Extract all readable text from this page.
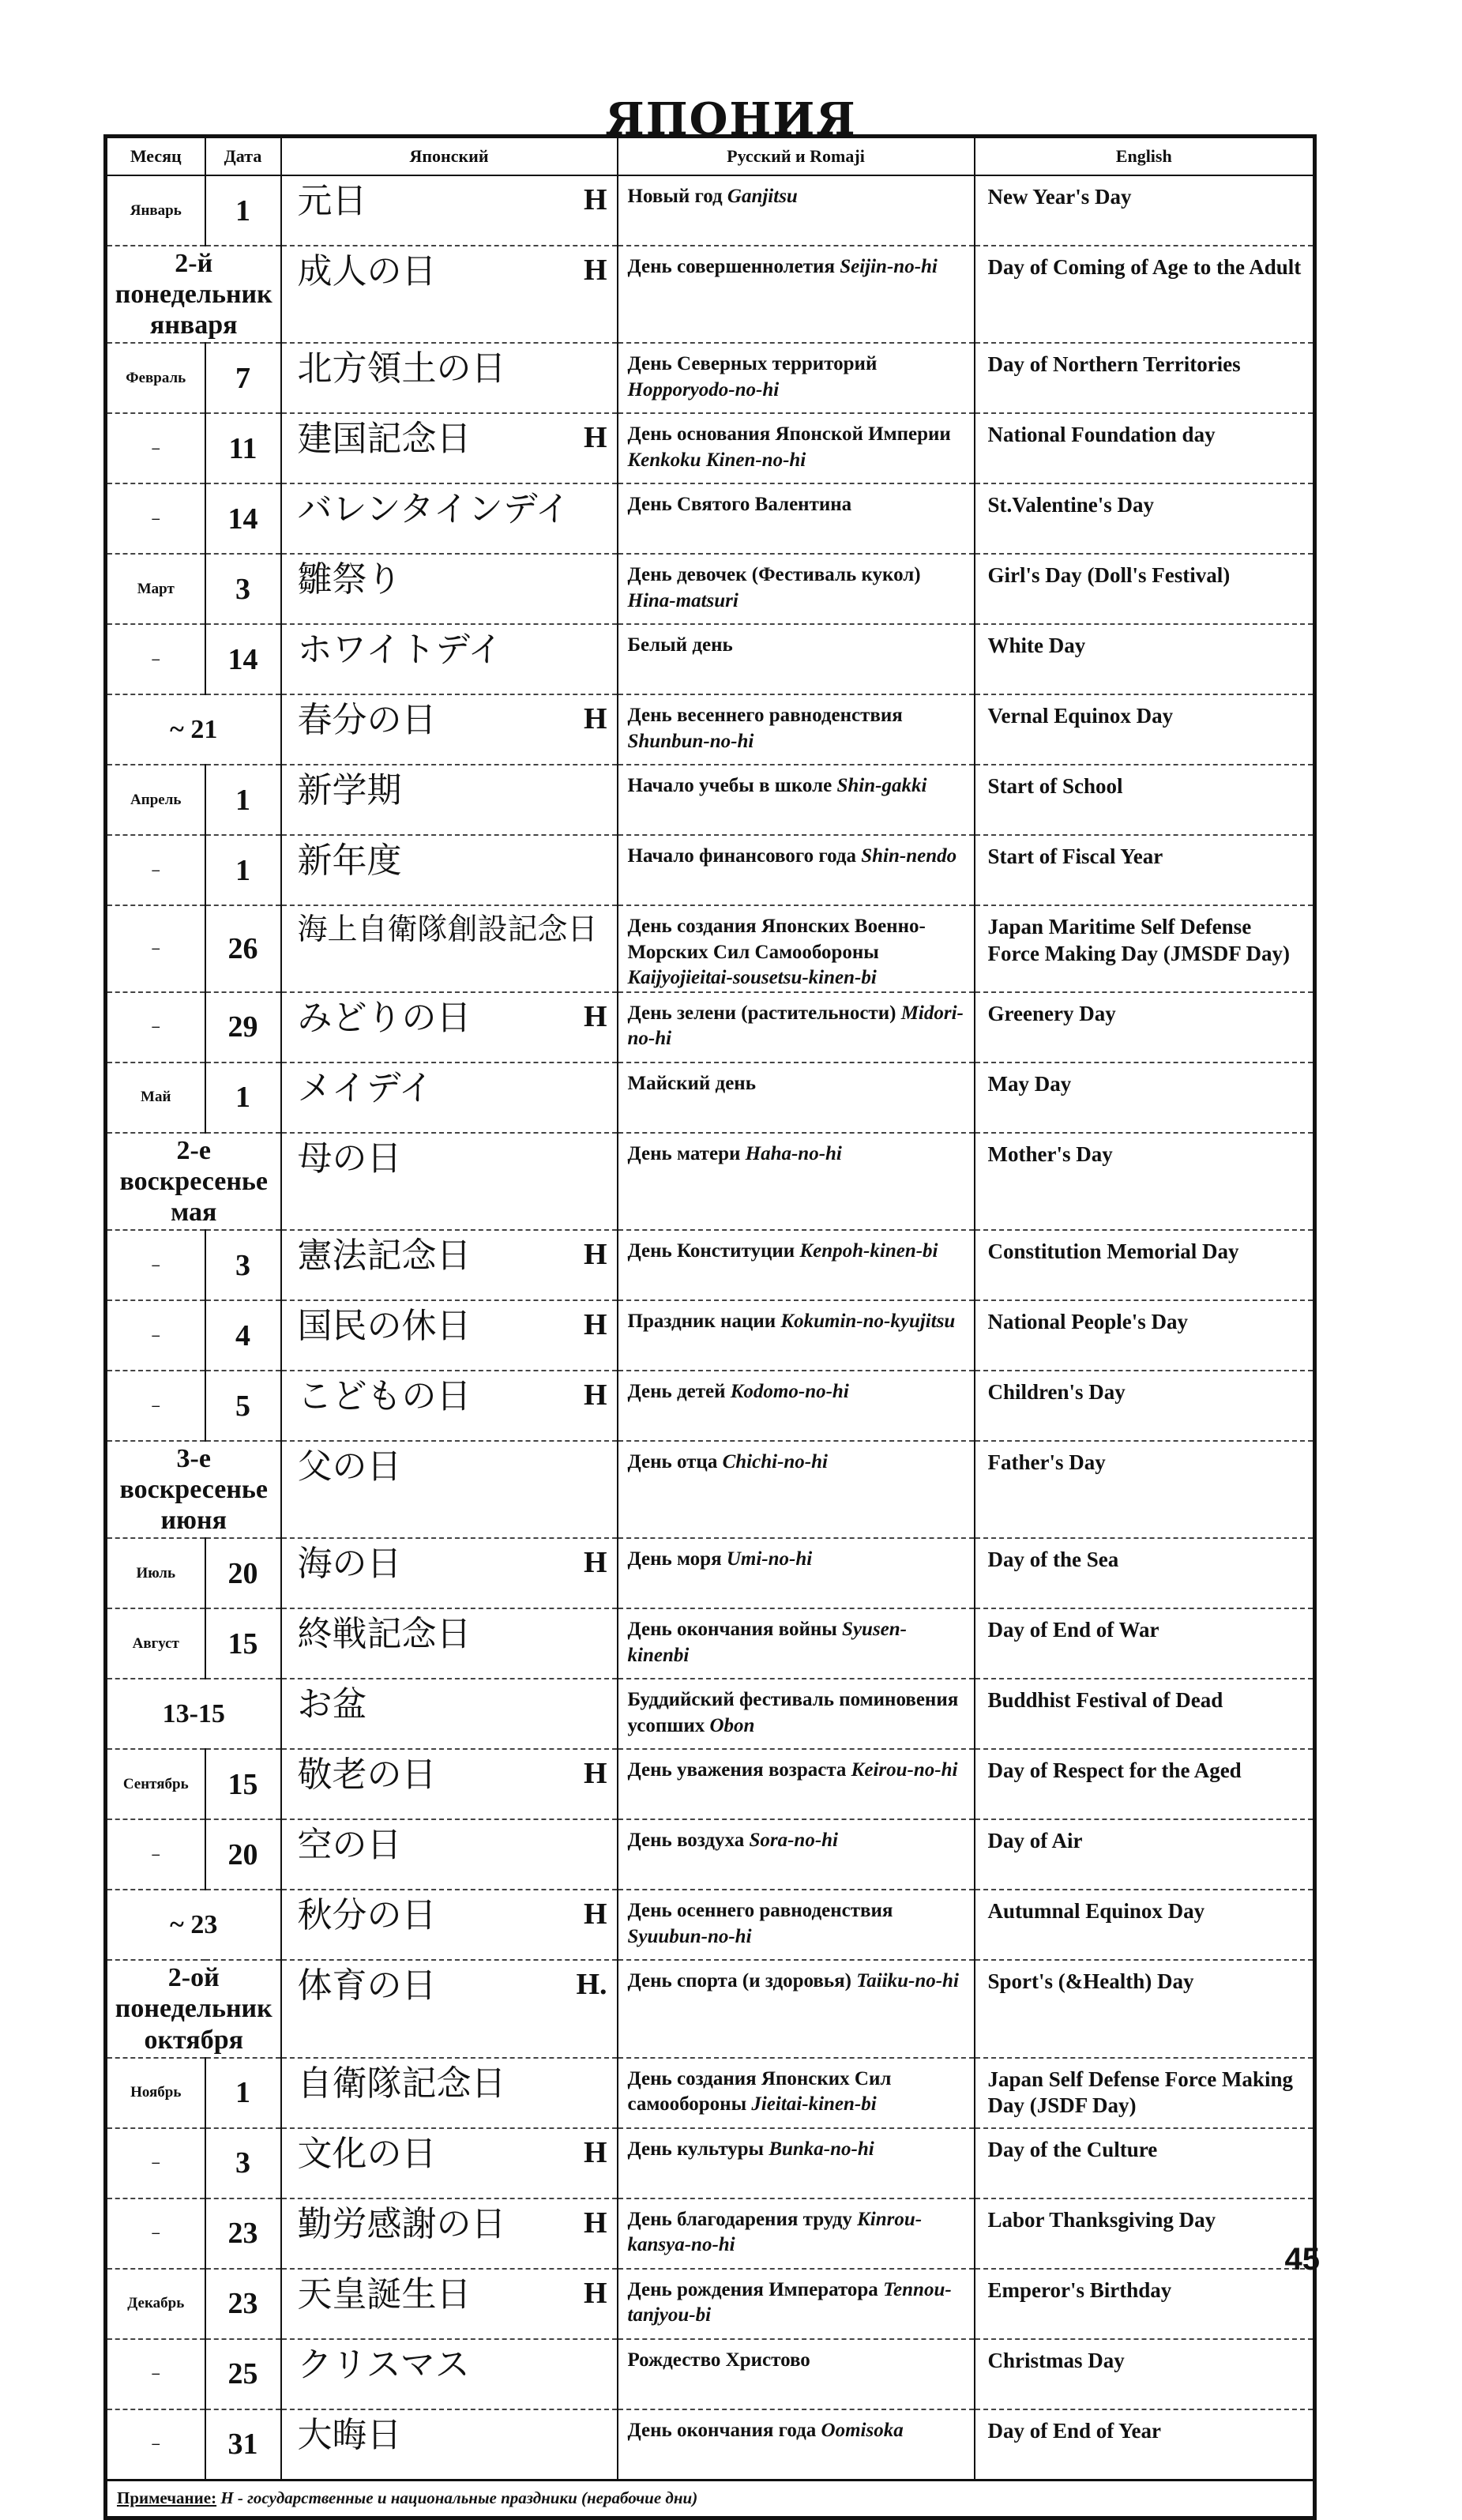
ЯПОНИЯ
Месяц	Дата	Японский	Русский и Romaji	English
Январь	1	元日 H	Новый год Ganjitsu	New Year's Day
2-й понедельник января		成人の日 H	День совершеннолетия Seijin-no-hi	Day of Coming of Age to the Adult
Февраль	7	北方領土の日	День Северных территорий Hopporyodo-no-hi	Day of Northern Territories
–	11	建国記念日 H	День основания Японской Империи Kenkoku Kinen-no-hi	National Foundation day
–	14	バレンタインデイ	День Святого Валентина	St.Valentine's Day
Март	3	雛祭り	День девочек (Фестиваль кукол) Hina-matsuri	Girl's Day (Doll's Festival)
–	14	ホワイトデイ	Белый день	White Day
~ 21		春分の日 H	День весеннего равноденствия Shunbun-no-hi	Vernal Equinox Day
Апрель	1	新学期	Начало учебы в школе Shin-gakki	Start of School
–	1	新年度	Начало финансового года Shin-nendo	Start of Fiscal Year
–	26	海上自衛隊創設記念日	День создания Японских Военно-Морских Сил Самообороны Kaijyojieitai-sousetsu-kinen-bi	Japan Maritime Self Defense Force Making Day (JMSDF Day)
–	29	みどりの日 H	День зелени (растительности) Midori-no-hi	Greenery Day
Май	1	メイデイ	Майский день	May Day
2-е воскресенье мая		母の日	День матери Haha-no-hi	Mother's Day
–	3	憲法記念日 H	День Конституции Kenpoh-kinen-bi	Constitution Memorial Day
–	4	国民の休日 H	Праздник нации Kokumin-no-kyujitsu	National People's Day
–	5	こどもの日 H	День детей Kodomo-no-hi	Children's Day
3-е воскресенье июня		父の日	День отца Chichi-no-hi	Father's Day
Июль	20	海の日 H	День моря Umi-no-hi	Day of the Sea
Август	15	終戦記念日	День окончания войны Syusen-kinenbi	Day of End of War
13-15		お盆	Буддийский фестиваль поминовения усопших Obon	Buddhist Festival of Dead
Сентябрь	15	敬老の日 H	День уважения возраста Keirou-no-hi	Day of Respect for the Aged
–	20	空の日	День воздуха Sora-no-hi	Day of Air
~ 23		秋分の日 H	День осеннего равноденствия Syuubun-no-hi	Autumnal Equinox Day
2-ой понедельник октября		体育の日 H.	День спорта (и здоровья) Taiiku-no-hi	Sport's (&Health) Day
Ноябрь	1	自衛隊記念日	День создания Японских Сил самообороны Jieitai-kinen-bi	Japan Self Defense Force Making Day (JSDF Day)
–	3	文化の日 H	День культуры Bunka-no-hi	Day of the Culture
–	23	勤労感謝の日 H	День благодарения труду Kinrou-kansya-no-hi	Labor Thanksgiving Day
Декабрь	23	天皇誕生日 H	День рождения Императора Tennou-tanjyou-bi	Emperor's Birthday
–	25	クリスマス	Рождество Христово	Christmas Day
–	31	大晦日	День окончания года Oomisoka	Day of End of Year
Примечание: H - государственные и национальные праздники (нерабочие дни)				
45
